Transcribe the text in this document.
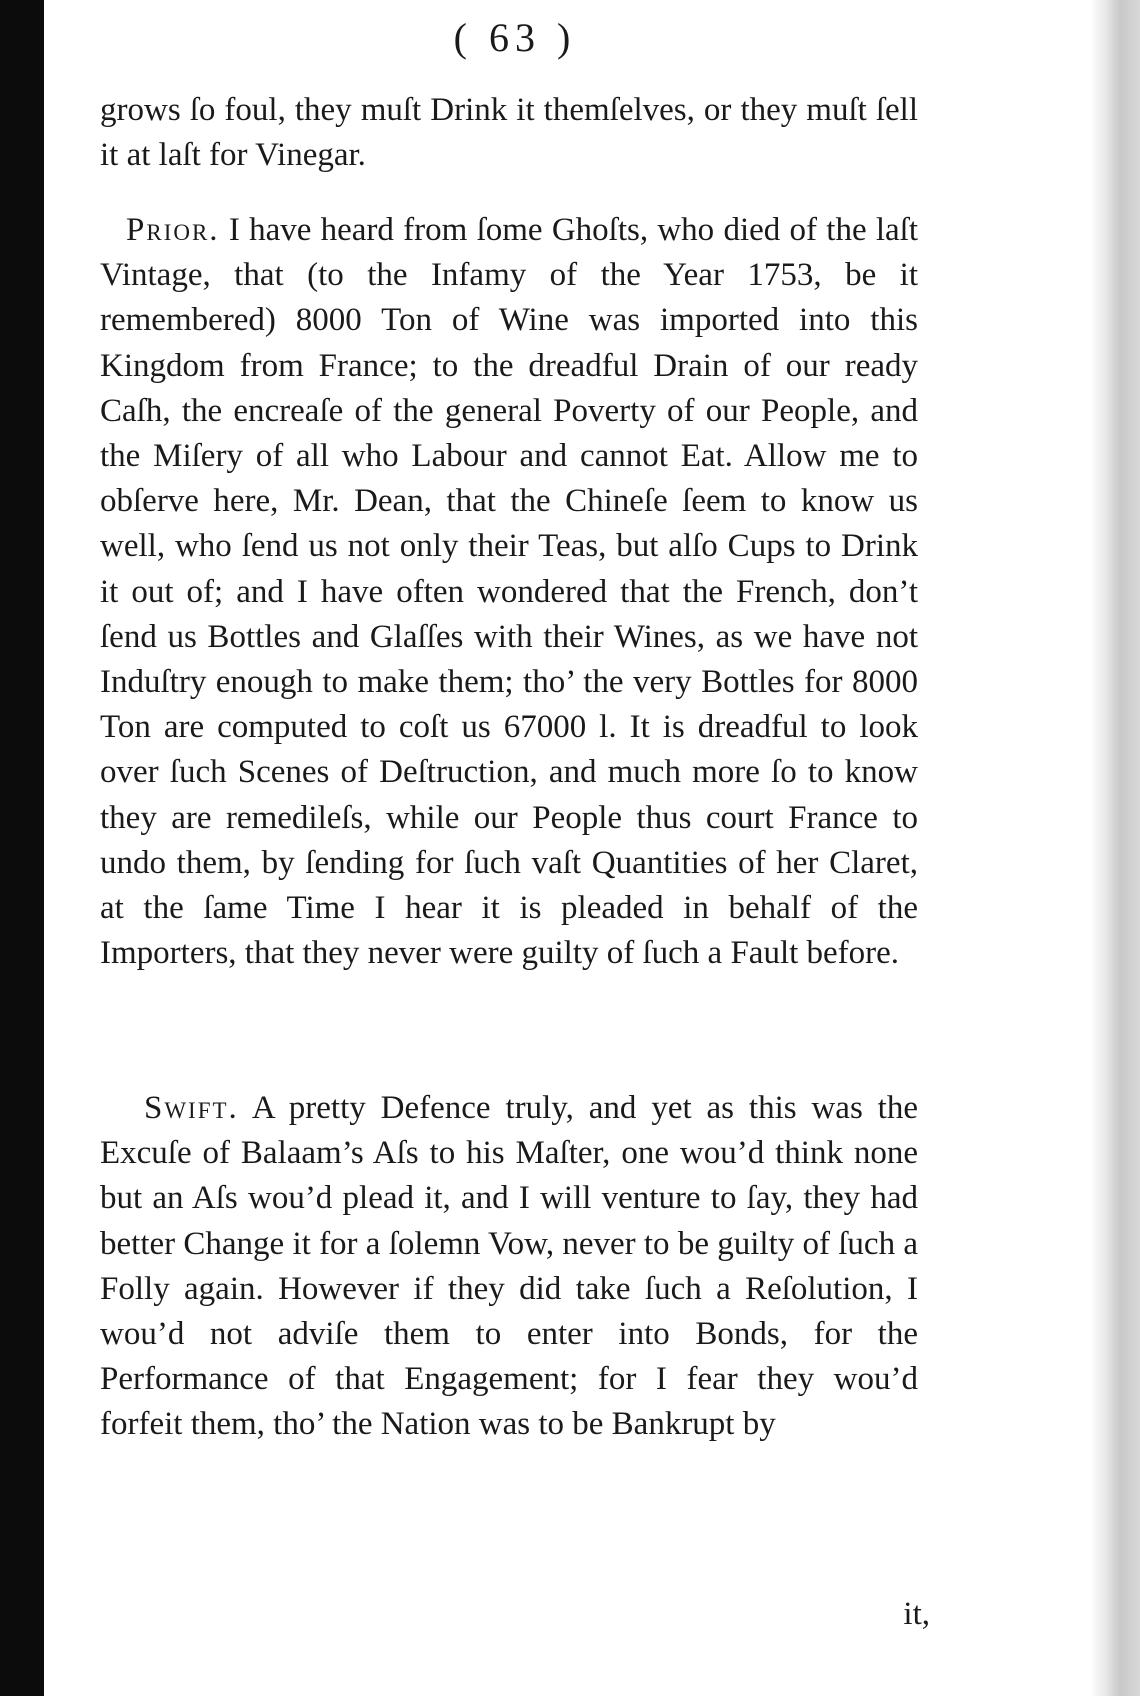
( 63 )

grows ſo foul, they muſt Drink it themſelves, or they muſt ſell it at laſt for Vinegar.

Prior. I have heard from ſome Ghoſts, who died of the laſt Vintage, that (to the Infamy of the Year 1753, be it remembered) 8000 Ton of Wine was imported into this Kingdom from France; to the dreadful Drain of our ready Caſh, the encreaſe of the general Poverty of our People, and the Miſery of all who Labour and cannot Eat. Allow me to obſerve here, Mr. Dean, that the Chineſe ſeem to know us well, who ſend us not only their Teas, but alſo Cups to Drink it out of; and I have often wondered that the French, don’t ſend us Bottles and Glaſſes with their Wines, as we have not Induſtry enough to make them; tho’ the very Bottles for 8000 Ton are computed to coſt us 67000 l. It is dreadful to look over ſuch Scenes of Deſtruction, and much more ſo to know they are remedileſs, while our People thus court France to undo them, by ſending for ſuch vaſt Quantities of her Claret, at the ſame Time I hear it is pleaded in behalf of the Importers, that they never were guilty of ſuch a Fault before.

Swift. A pretty Defence truly, and yet as this was the Excuſe of Balaam’s Aſs to his Maſter, one wou’d think none but an Aſs wou’d plead it, and I will venture to ſay, they had better Change it for a ſolemn Vow, never to be guilty of ſuch a Folly again. However if they did take ſuch a Reſolution, I wou’d not adviſe them to enter into Bonds, for the Performance of that Engagement; for I fear they wou’d forfeit them, tho’ the Nation was to be Bankrupt by

it,
